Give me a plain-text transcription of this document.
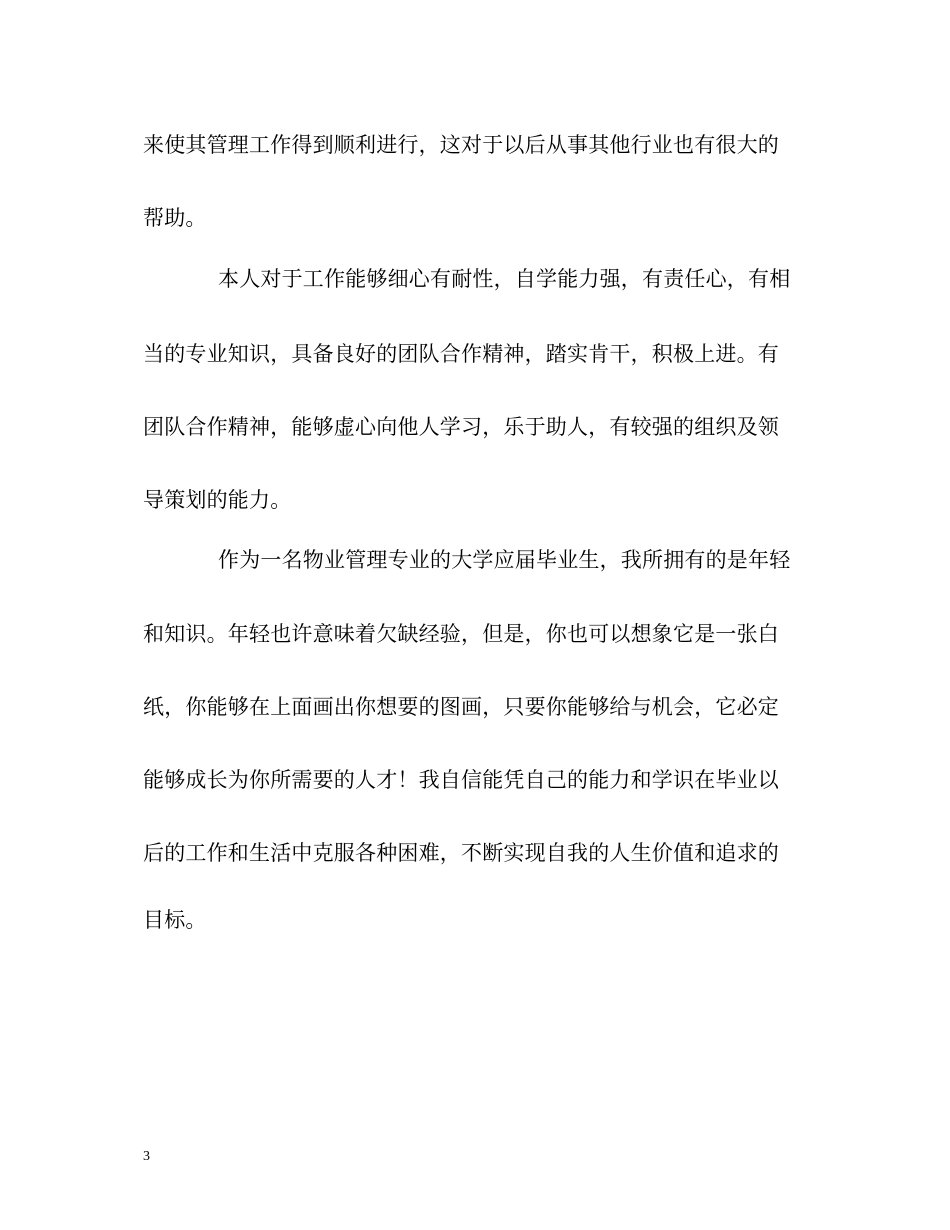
来使其管理工作得到顺利进行，这对于以后从事其他行业也有很大的
帮助。
本人对于工作能够细心有耐性，自学能力强，有责任心，有相
当的专业知识，具备良好的团队合作精神，踏实肯干，积极上进。有
团队合作精神，能够虚心向他人学习，乐于助人，有较强的组织及领
导策划的能力。
作为一名物业管理专业的大学应届毕业生，我所拥有的是年轻
和知识。年轻也许意味着欠缺经验，但是，你也可以想象它是一张白
纸，你能够在上面画出你想要的图画，只要你能够给与机会，它必定
能够成长为你所需要的人才！我自信能凭自己的能力和学识在毕业以
后的工作和生活中克服各种困难，不断实现自我的人生价值和追求的
目标。
3
